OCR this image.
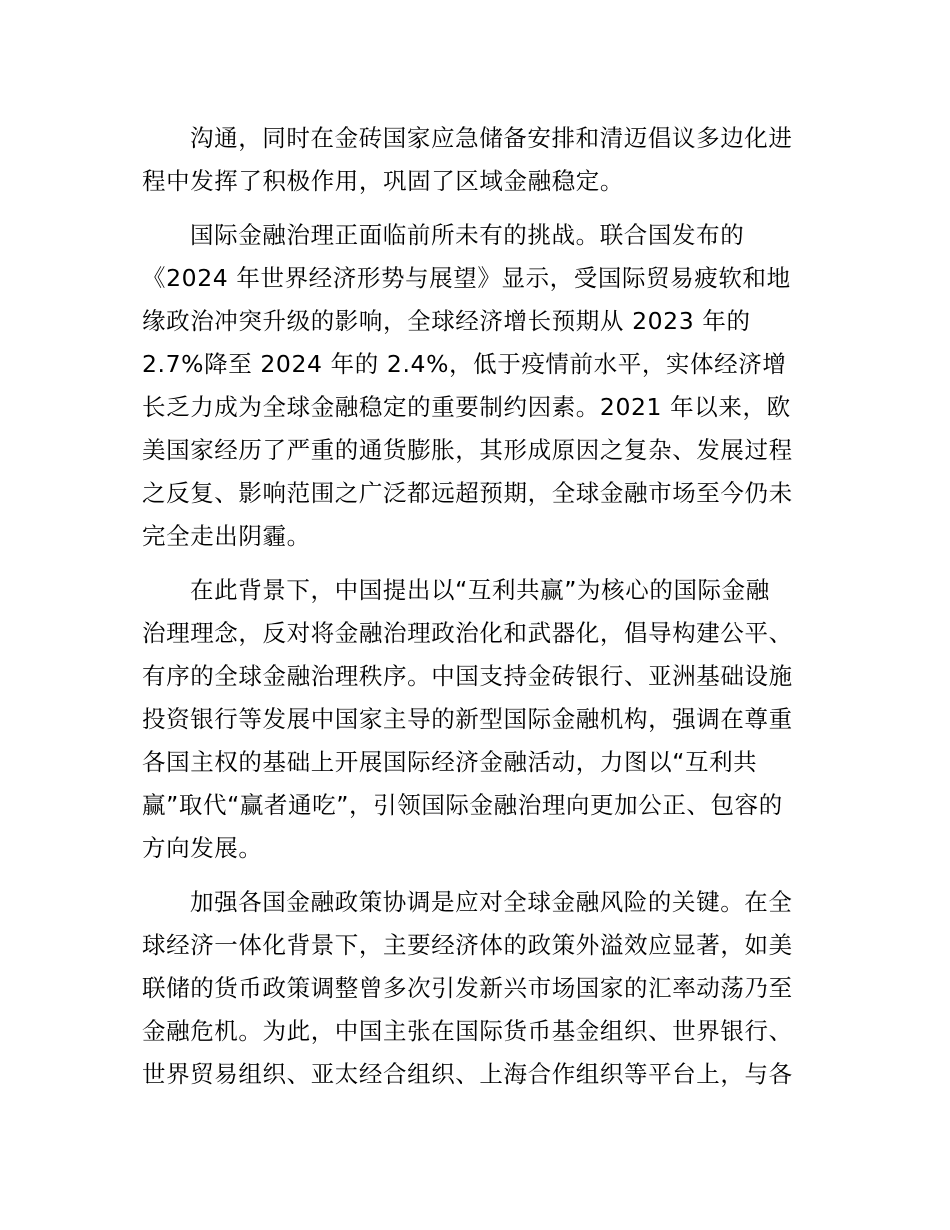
沟通，同时在金砖国家应急储备安排和清迈倡议多边化进
程中发挥了积极作用，巩固了区域金融稳定。

国际金融治理正面临前所未有的挑战。联合国发布的
《2024 年世界经济形势与展望》显示，受国际贸易疲软和地
缘政治冲突升级的影响，全球经济增长预期从 2023 年的
2.7%降至 2024 年的 2.4%，低于疫情前水平，实体经济增
长乏力成为全球金融稳定的重要制约因素。2021 年以来，欧
美国家经历了严重的通货膨胀，其形成原因之复杂、发展过程
之反复、影响范围之广泛都远超预期，全球金融市场至今仍未
完全走出阴霾。

在此背景下，中国提出以“互利共赢”为核心的国际金融
治理理念，反对将金融治理政治化和武器化，倡导构建公平、
有序的全球金融治理秩序。中国支持金砖银行、亚洲基础设施
投资银行等发展中国家主导的新型国际金融机构，强调在尊重
各国主权的基础上开展国际经济金融活动，力图以“互利共
赢”取代“赢者通吃”，引领国际金融治理向更加公正、包容的
方向发展。

加强各国金融政策协调是应对全球金融风险的关键。在全
球经济一体化背景下，主要经济体的政策外溢效应显著，如美
联储的货币政策调整曾多次引发新兴市场国家的汇率动荡乃至
金融危机。为此，中国主张在国际货币基金组织、世界银行、
世界贸易组织、亚太经合组织、上海合作组织等平台上，与各
